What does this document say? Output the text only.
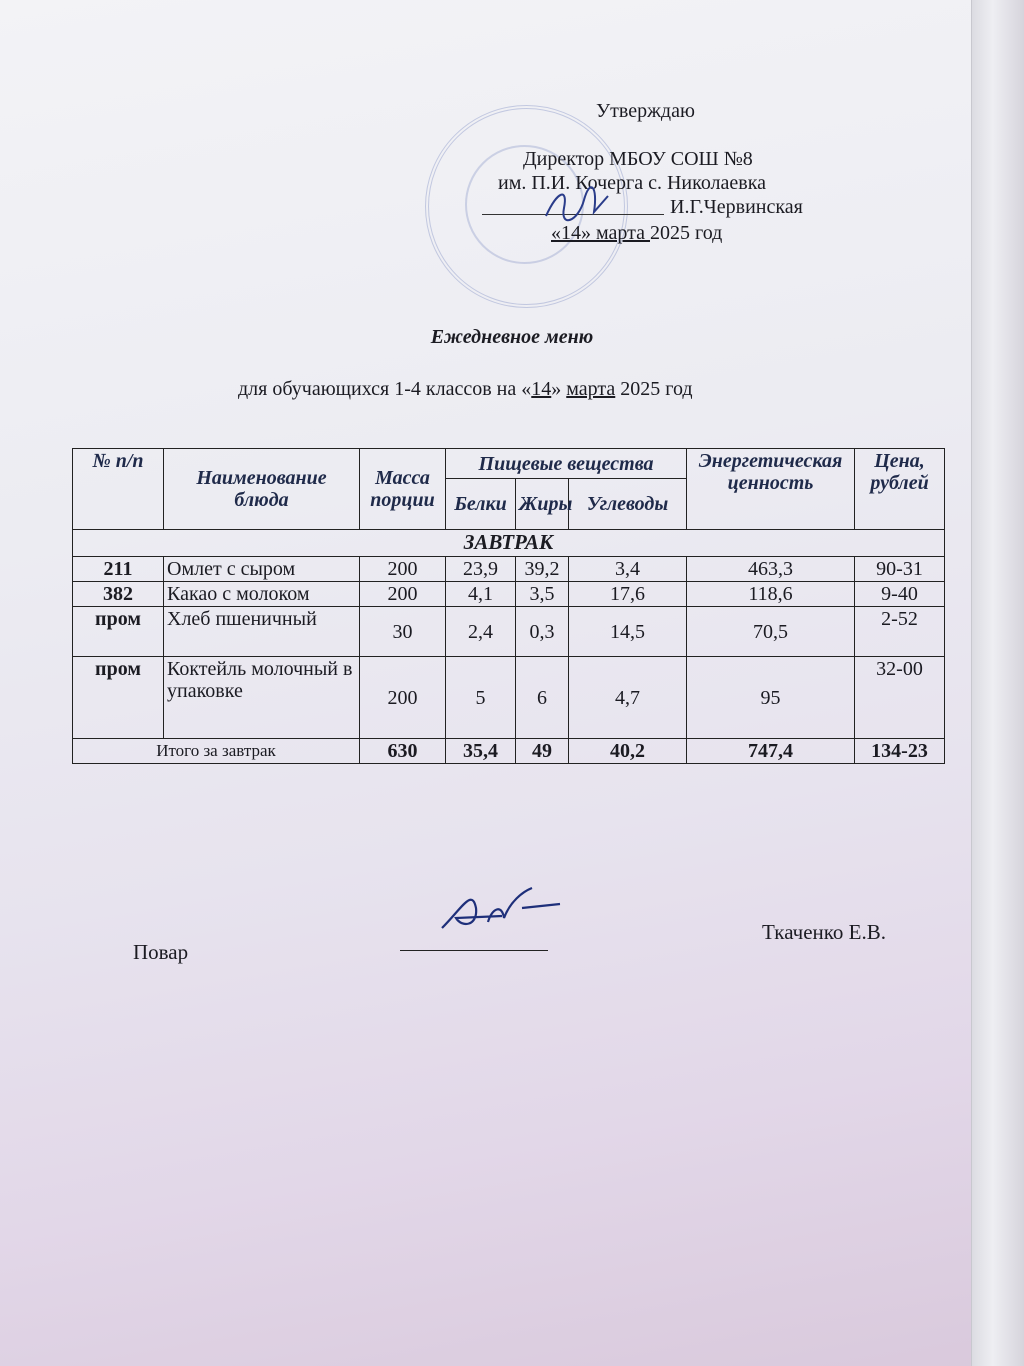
Утверждаю
Директор МБОУ СОШ №8
им. П.И. Кочерга с. Николаевка
И.Г.Червинская
«14» марта 2025 год
Ежедневное меню
для обучающихся 1-4 классов на «14» марта 2025 год
№ п/п	Наименование блюда	Масса порции	Пищевые вещества			Энергетическая ценность	Цена, рублей
			Белки	Жиры	Углеводы		
ЗАВТРАК							
211	Омлет с сыром	200	23,9	39,2	3,4	463,3	90-31
382	Какао с молоком	200	4,1	3,5	17,6	118,6	9-40
пром	Хлеб пшеничный	30	2,4	0,3	14,5	70,5	2-52
пром	Коктейль молочный в упаковке	200	5	6	4,7	95	32-00
Итого за завтрак		630	35,4	49	40,2	747,4	134-23
Повар
Ткаченко Е.В.
